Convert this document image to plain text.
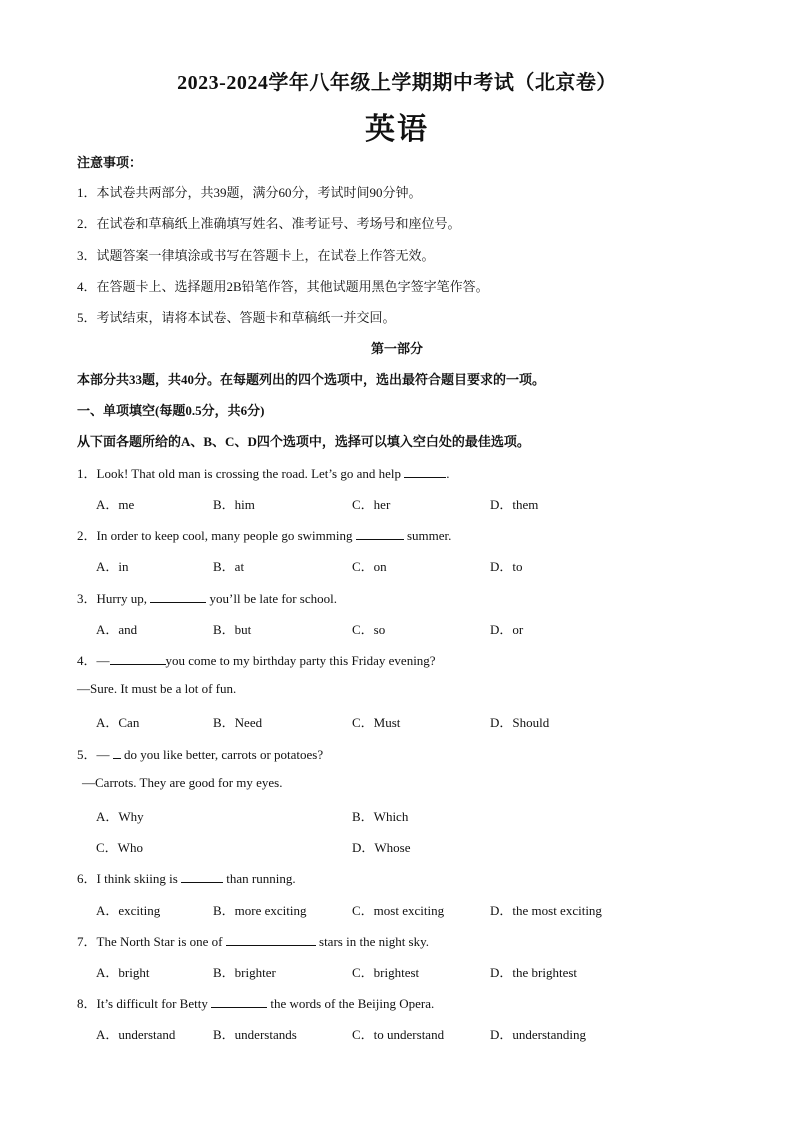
2023-2024学年八年级上学期期中考试（北京卷）
英语
注意事项：
1．本试卷共两部分，共39题，满分60分，考试时间90分钟。
2．在试卷和草稿纸上准确填写姓名、准考证号、考场号和座位号。
3．试题答案一律填涂或书写在答题卡上，在试卷上作答无效。
4．在答题卡上、选择题用2B铅笔作答，其他试题用黑色字签字笔作答。
5．考试结束，请将本试卷、答题卡和草稿纸一并交回。
第一部分
本部分共33题，共40分。在每题列出的四个选项中，选出最符合题目要求的一项。
一、单项填空(每题0.5分，共6分)
从下面各题所给的A、B、C、D四个选项中，选择可以填入空白处的最佳选项。
1．Look! That old man is crossing the road. Let’s go and help	.
A．me	B．him	C．her	D．them
2．In order to keep cool, many people go swimming	summer.
A．in	B．at	C．on	D．to
3．Hurry up,	you’ll be late for school.
A．and	B．but	C．so	D．or
4．—	you come to my birthday party this Friday evening?
—Sure. It must be a lot of fun.
A．Can	B．Need	C．Must	D．Should
5．—  do you like better, carrots or potatoes?
—Carrots. They are good for my eyes.
A．Why	B．Which
C．Who	D．Whose
6．I think skiing is	than running.
A．exciting	B．more exciting	C．most exciting	D．the most exciting
7．The North Star is one of	stars in the night sky.
A．bright	B．brighter	C．brightest	D．the brightest
8．It’s difficult for Betty	the words of the Beijing Opera.
A．understand	B．understands	C．to understand	D．understanding
